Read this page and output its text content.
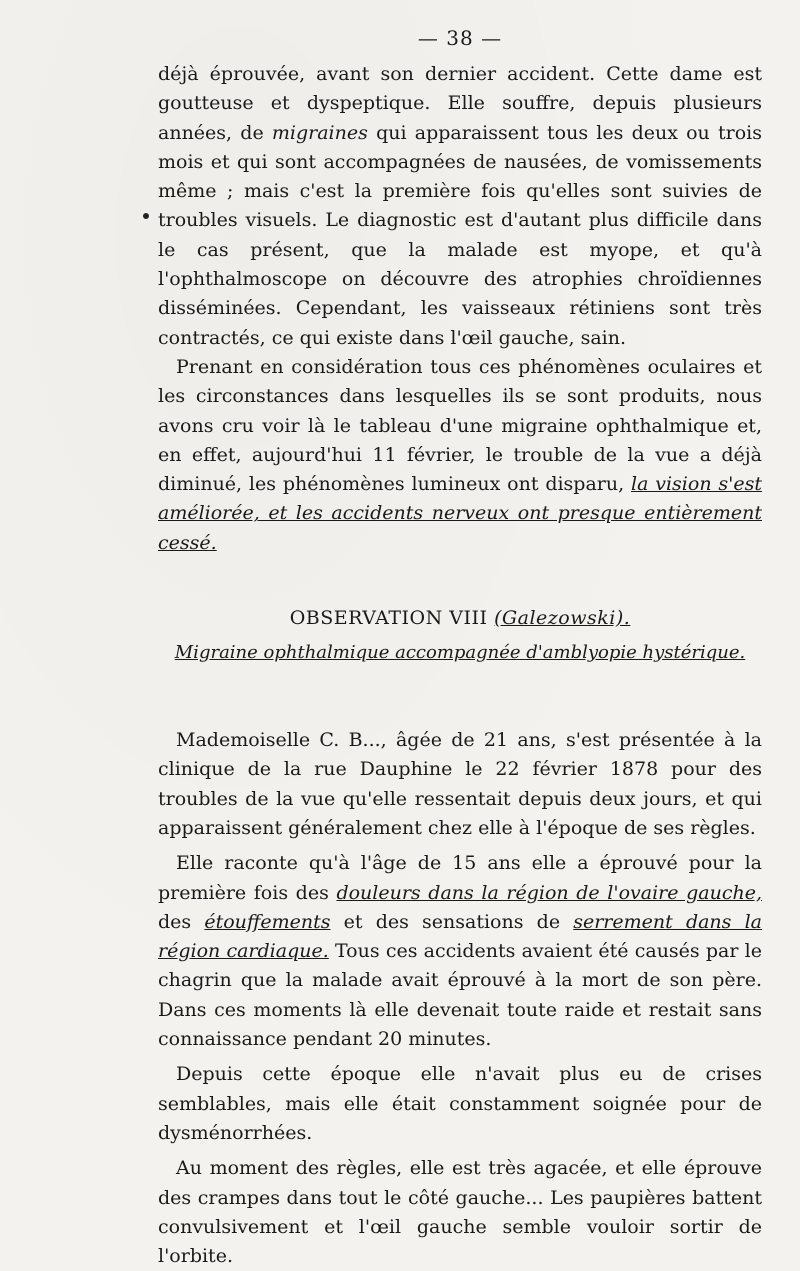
— 38 —

déjà éprouvée, avant son dernier accident. Cette dame est goutteuse et dyspeptique. Elle souffre, depuis plusieurs années, de migraines qui apparaissent tous les deux ou trois mois et qui sont accompagnées de nausées, de vomissements même ; mais c'est la première fois qu'elles sont suivies de troubles visuels. Le diagnostic est d'autant plus difficile dans le cas présent, que la malade est myope, et qu'à l'ophthalmoscope on découvre des atrophies chroïdiennes disséminées. Cependant, les vaisseaux rétiniens sont très contractés, ce qui existe dans l'œil gauche, sain.

Prenant en considération tous ces phénomènes oculaires et les circonstances dans lesquelles ils se sont produits, nous avons cru voir là le tableau d'une migraine ophthalmique et, en effet, aujourd'hui 11 février, le trouble de la vue a déjà diminué, les phénomènes lumineux ont disparu, la vision s'est améliorée, et les accidents nerveux ont presque entièrement cessé.

OBSERVATION VIII (Galezowski).
Migraine ophthalmique accompagnée d'amblyopie hystérique.

Mademoiselle C. B..., âgée de 21 ans, s'est présentée à la clinique de la rue Dauphine le 22 février 1878 pour des troubles de la vue qu'elle ressentait depuis deux jours, et qui apparaissent généralement chez elle à l'époque de ses règles.

Elle raconte qu'à l'âge de 15 ans elle a éprouvé pour la première fois des douleurs dans la région de l'ovaire gauche, des étouffements et des sensations de serrement dans la région cardiaque. Tous ces accidents avaient été causés par le chagrin que la malade avait éprouvé à la mort de son père. Dans ces moments là elle devenait toute raide et restait sans connaissance pendant 20 minutes.

Depuis cette époque elle n'avait plus eu de crises semblables, mais elle était constamment soignée pour de dysménorrhées.

Au moment des règles, elle est très agacée, et elle éprouve des crampes dans tout le côté gauche... Les paupières battent convulsivement et l'œil gauche semble vouloir sortir de l'orbite.
